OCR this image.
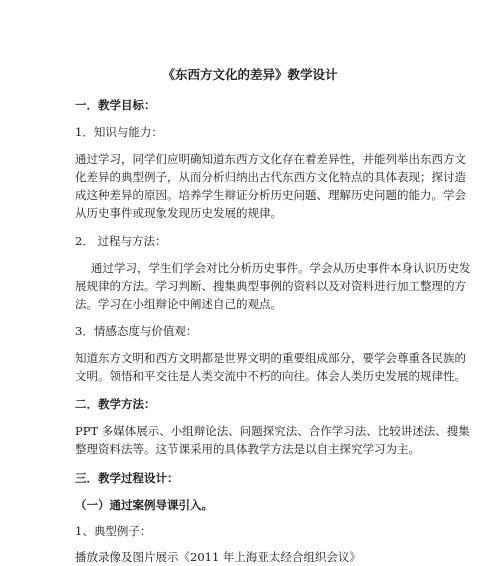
《东西方文化的差异》教学设计
一．教学目标：
1．知识与能力：
通过学习，同学们应明确知道东西方文化存在着差异性，并能列举出东西方文
化差异的典型例子，从而分析归纳出古代东西方文化特点的具体表现；探讨造
成这种差异的原因。培养学生辩证分析历史问题、理解历史问题的能力。学会
从历史事件或现象发现历史发展的规律。
2． 过程与方法：
通过学习，学生们学会对比分析历史事件。学会从历史事件本身认识历史发
展规律的方法。学习判断、搜集典型事例的资料以及对资料进行加工整理的方
法。学习在小组辩论中阐述自己的观点。
3．情感态度与价值观：
知道东方文明和西方文明都是世界文明的重要组成部分，要学会尊重各民族的
文明。领悟和平交往是人类交流中不朽的向往。体会人类历史发展的规律性。
二．教学方法：
PPT 多媒体展示、小组辩论法、问题探究法、合作学习法、比较讲述法、搜集
整理资料法等。这节课采用的具体教学方法是以自主探究学习为主。
三．教学过程设计：
（一）通过案例导课引入。
1、典型例子：
播放录像及图片展示《2011 年上海亚太经合组织会议》
